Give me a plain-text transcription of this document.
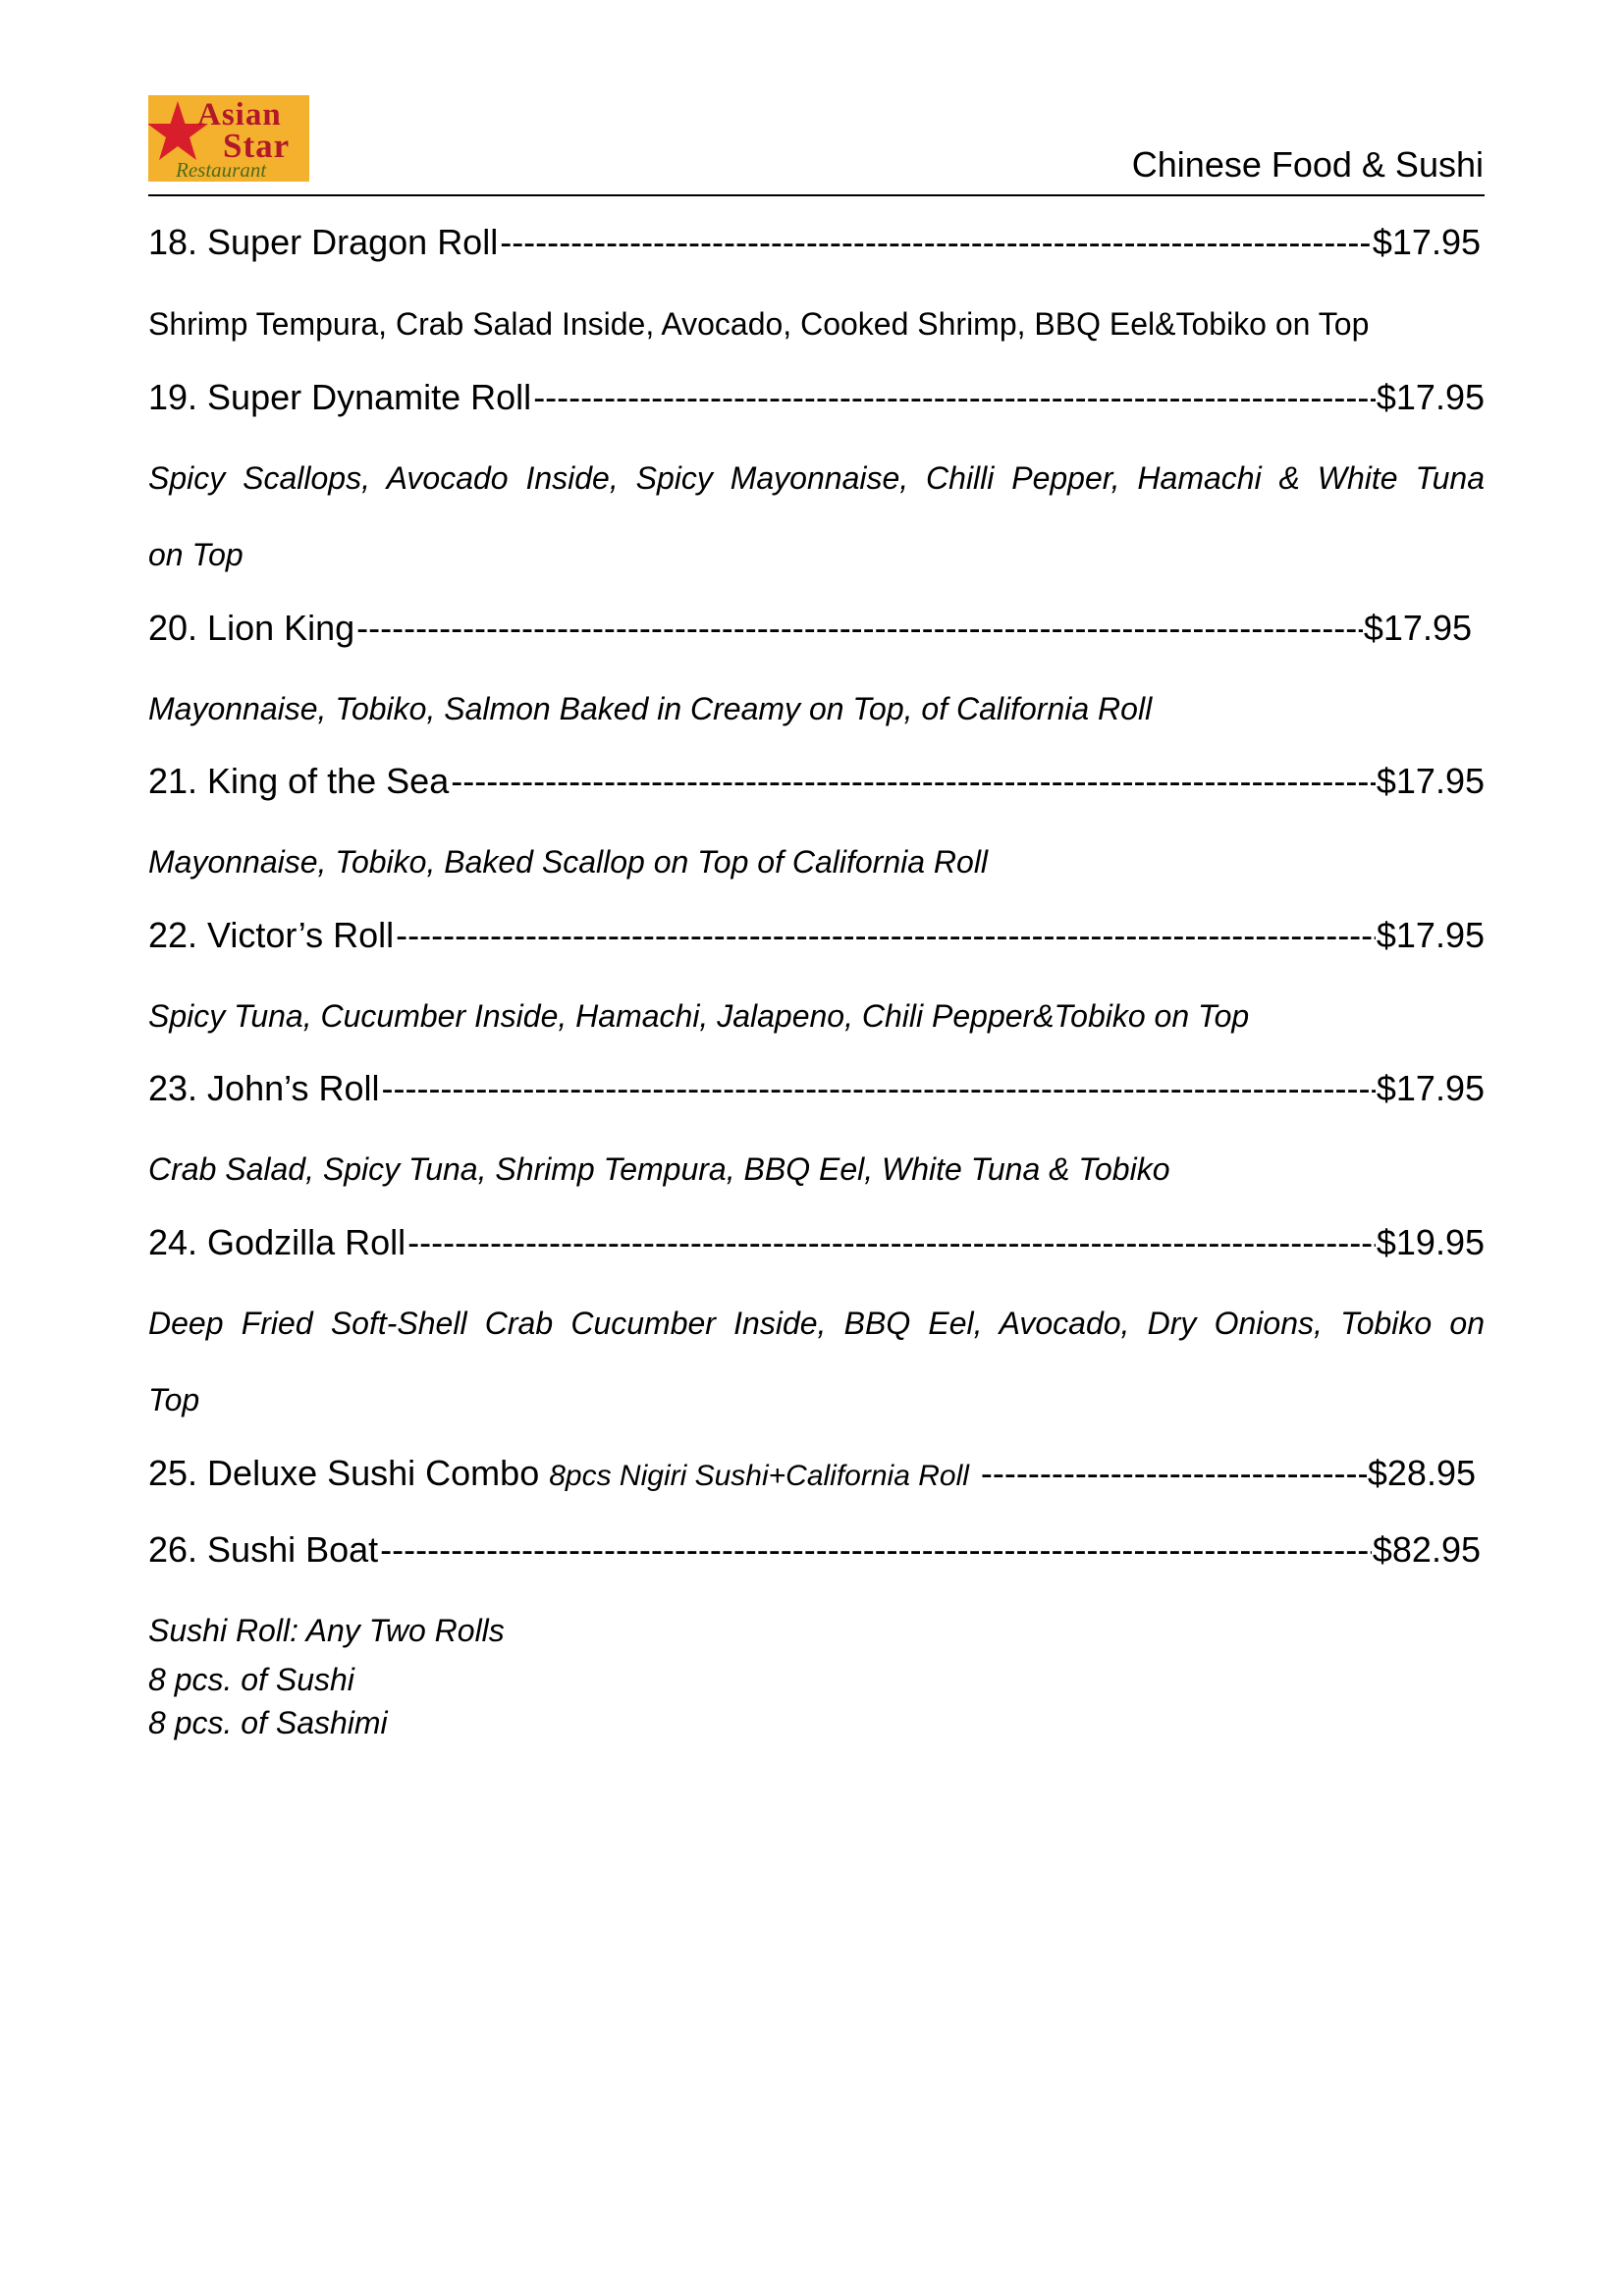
Asian
Star
Restaurant	Chinese Food & Sushi
18. Super Dragon Roll -----	$17.95
Shrimp Tempura, Crab Salad Inside, Avocado, Cooked Shrimp, BBQ Eel&Tobiko on Top
19. Super Dynamite Roll -----	$17.95
Spicy Scallops, Avocado Inside, Spicy Mayonnaise, Chilli Pepper, Hamachi & White Tuna
on Top
20. Lion King -----	$17.95
Mayonnaise, Tobiko, Salmon Baked in Creamy on Top, of California Roll
21. King of the Sea -----	$17.95
Mayonnaise, Tobiko, Baked Scallop on Top of California Roll
22. Victor’s Roll -----	$17.95
Spicy Tuna, Cucumber Inside, Hamachi, Jalapeno, Chili Pepper&Tobiko on Top
23. John’s Roll -----	$17.95
Crab Salad, Spicy Tuna, Shrimp Tempura, BBQ Eel, White Tuna & Tobiko
24. Godzilla Roll -----	$19.95
Deep Fried Soft-Shell Crab Cucumber Inside, BBQ Eel, Avocado, Dry Onions, Tobiko on
Top
25. Deluxe Sushi Combo 8pcs Nigiri Sushi+California Roll -----	$28.95
26. Sushi Boat -----	$82.95
Sushi Roll: Any Two Rolls
8 pcs. of Sushi
8 pcs. of Sashimi
